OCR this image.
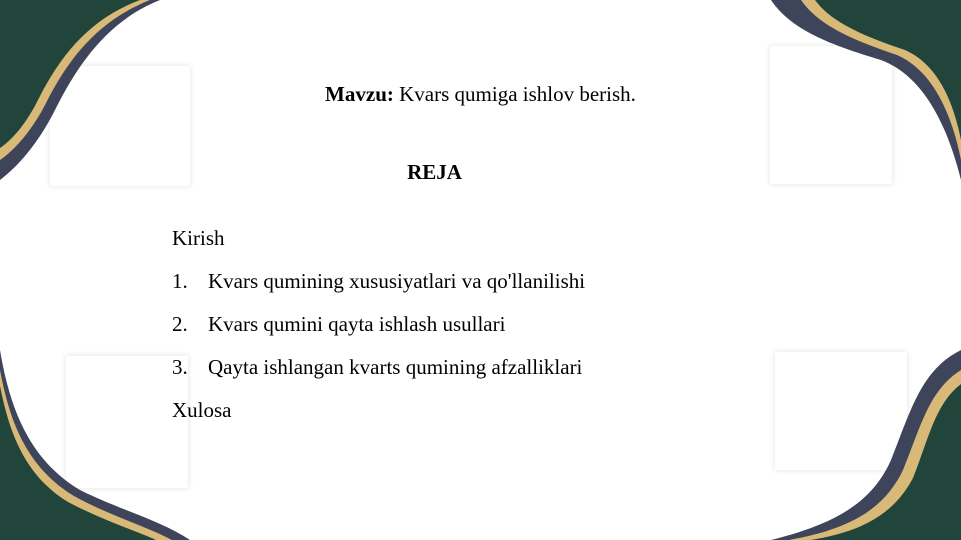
Mavzu: Kvars qumiga ishlov berish.
REJA
Kirish
1. Kvars qumining xususiyatlari va qo'llanilishi
2. Kvars qumini qayta ishlash usullari
3. Qayta ishlangan kvarts qumining afzalliklari
Xulosa
